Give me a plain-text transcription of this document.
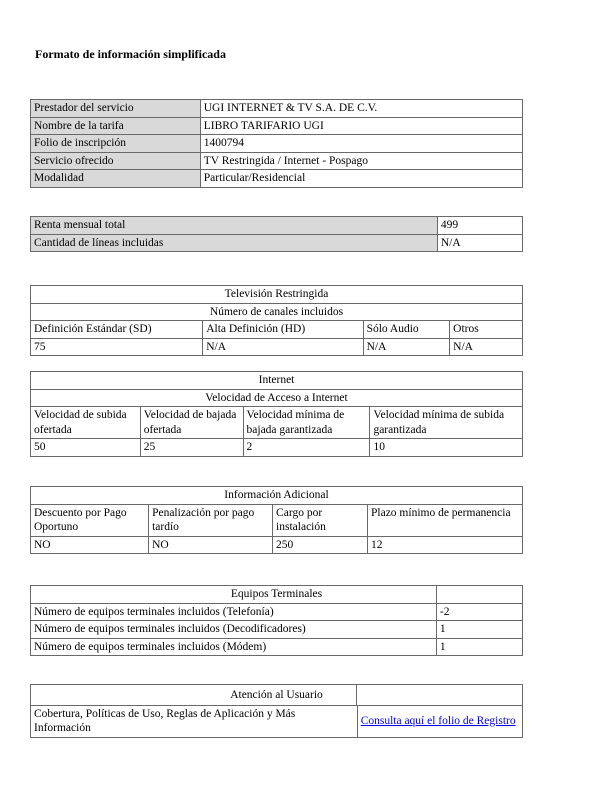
Formato de información simplificada
Prestador del servicio	UGI INTERNET & TV S.A. DE C.V.
Nombre de la tarifa	LIBRO TARIFARIO UGI
Folio de inscripción	1400794
Servicio ofrecido	TV Restringida / Internet - Pospago
Modalidad	Particular/Residencial
Renta mensual total	499
Cantidad de líneas incluidas	N/A
Televisión Restringida			
Número de canales incluidos			
Definición Estándar (SD)	Alta Definición (HD)	Sólo Audio	Otros
75	N/A	N/A	N/A
Internet			
Velocidad de Acceso a Internet			
Velocidad de subida ofertada	Velocidad de bajada ofertada	Velocidad mínima de bajada garantizada	Velocidad mínima de subida garantizada
50	25	2	10
Información Adicional			
Descuento por Pago Oportuno	Penalización por pago tardío	Cargo por instalación	Plazo mínimo de permanencia
NO	NO	250	12
Equipos Terminales	
Número de equipos terminales incluidos (Telefonía)	-2
Número de equipos terminales incluidos (Decodificadores)	1
Número de equipos terminales incluidos (Módem)	1
Atención al Usuario
Cobertura, Políticas de Uso, Reglas de Aplicación y Más Información	Consulta aquí el folio de Registro
